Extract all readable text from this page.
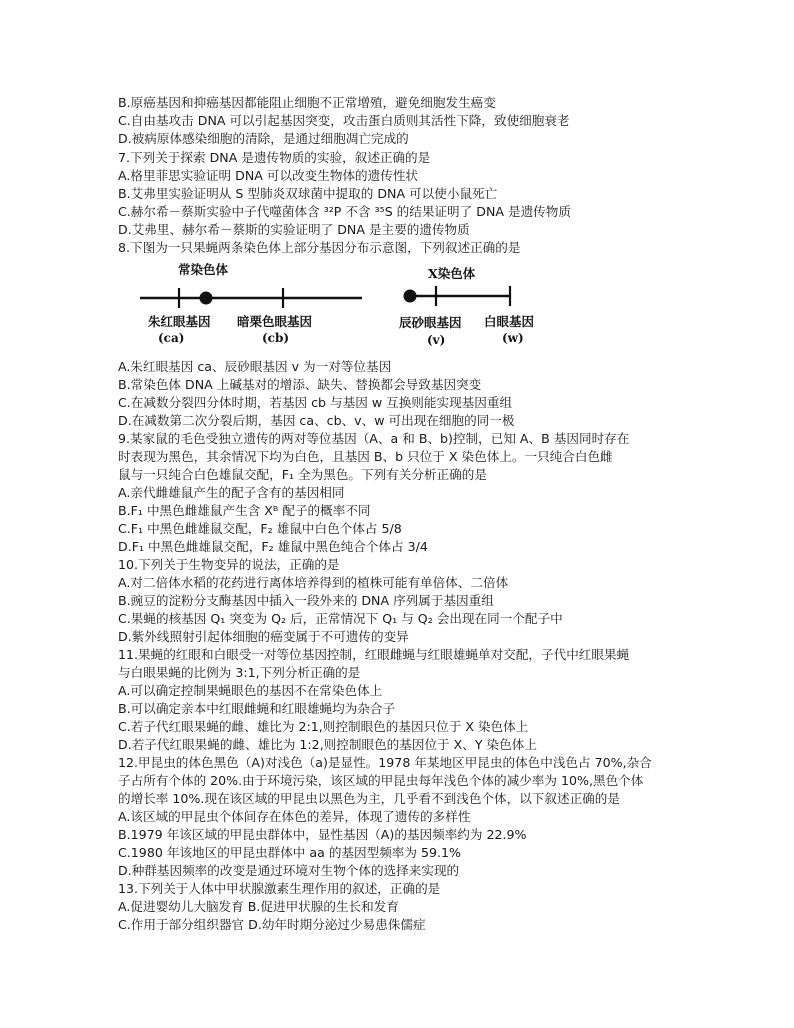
B.原癌基因和抑癌基因都能阻止细胞不正常增殖，避免细胞发生癌变
C.自由基攻击 DNA 可以引起基因突变，攻击蛋白质则其活性下降，致使细胞衰老
D.被病原体感染细胞的清除，是通过细胞凋亡完成的
7.下列关于探索 DNA 是遗传物质的实验，叙述正确的是
A.格里菲思实验证明 DNA 可以改变生物体的遗传性状
B.艾弗里实验证明从 S 型肺炎双球菌中提取的 DNA 可以使小鼠死亡
C.赫尔希－蔡斯实验中子代噬菌体含 ³²P 不含 ³⁵S 的结果证明了 DNA 是遗传物质
D.艾弗里、赫尔希－蔡斯的实验证明了 DNA 是主要的遗传物质
8.下图为一只果蝇两条染色体上部分基因分布示意图，下列叙述正确的是
常染色体
朱红眼基因
(ca)
暗栗色眼基因
(cb)
X染色体
辰砂眼基因
(v)
白眼基因
(w)
A.朱红眼基因 ca、辰砂眼基因 v 为一对等位基因
B.常染色体 DNA 上碱基对的增添、缺失、替换都会导致基因突变
C.在减数分裂四分体时期，若基因 cb 与基因 w 互换则能实现基因重组
D.在减数第二次分裂后期，基因 ca、cb、v、w 可出现在细胞的同一极
9.某家鼠的毛色受独立遗传的两对等位基因（A、a 和 B、b)控制，已知 A、B 基因同时存在
时表现为黑色，其余情况下均为白色，且基因 B、b 只位于 X 染色体上。一只纯合白色雌
鼠与一只纯合白色雄鼠交配，F₁ 全为黑色。下列有关分析正确的是
A.亲代雌雄鼠产生的配子含有的基因相同
B.F₁ 中黑色雌雄鼠产生含 Xᴮ 配子的概率不同
C.F₁ 中黑色雌雄鼠交配，F₂ 雄鼠中白色个体占 5/8
D.F₁ 中黑色雌雄鼠交配，F₂ 雄鼠中黑色纯合个体占 3/4
10.下列关于生物变异的说法，正确的是
A.对二倍体水稻的花药进行离体培养得到的植株可能有单倍体、二倍体
B.豌豆的淀粉分支酶基因中插入一段外来的 DNA 序列属于基因重组
C.果蝇的核基因 Q₁ 突变为 Q₂ 后，正常情况下 Q₁ 与 Q₂ 会出现在同一个配子中
D.紫外线照射引起体细胞的癌变属于不可遗传的变异
11.果蝇的红眼和白眼受一对等位基因控制，红眼雌蝇与红眼雄蝇单对交配，子代中红眼果蝇
与白眼果蝇的比例为 3:1,下列分析正确的是
A.可以确定控制果蝇眼色的基因不在常染色体上
B.可以确定亲本中红眼雌蝇和红眼雄蝇均为杂合子
C.若子代红眼果蝇的雌、雄比为 2:1,则控制眼色的基因只位于 X 染色体上
D.若子代红眼果蝇的雌、雄比为 1:2,则控制眼色的基因位于 X、Y 染色体上
12.甲昆虫的体色黑色（A)对浅色（a)是显性。1978 年某地区甲昆虫的体色中浅色占 70%,杂合
子占所有个体的 20%.由于环境污染，该区域的甲昆虫每年浅色个体的减少率为 10%,黑色个体
的增长率 10%.现在该区域的甲昆虫以黑色为主，几乎看不到浅色个体，以下叙述正确的是
A.该区域的甲昆虫个体间存在体色的差异，体现了遗传的多样性
B.1979 年该区域的甲昆虫群体中，显性基因（A)的基因频率约为 22.9%
C.1980 年该地区的甲昆虫群体中 aa 的基因型频率为 59.1%
D.种群基因频率的改变是通过环境对生物个体的选择来实现的
13.下列关于人体中甲状腺激素生理作用的叙述，正确的是
A.促进婴幼儿大脑发育 B.促进甲状腺的生长和发育
C.作用于部分组织器官 D.幼年时期分泌过少易患侏儒症
